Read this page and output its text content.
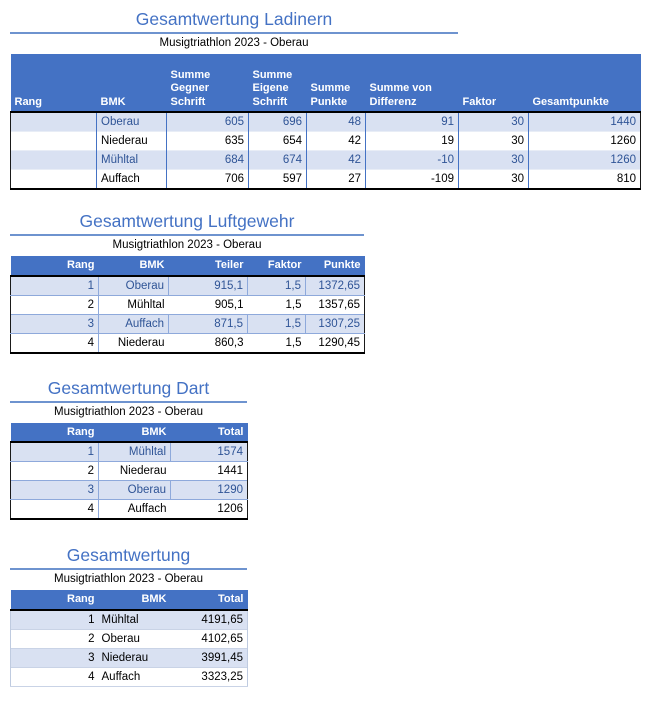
Gesamtwertung Ladinern
Musigtriathlon 2023 - Oberau
Rang	BMK	Summe Gegner Schrift	Summe Eigene Schrift	Summe Punkte	Summe von Differenz	Faktor	Gesamtpunkte
	Oberau	605	696	48	91	30	1440
	Niederau	635	654	42	19	30	1260
	Mühltal	684	674	42	-10	30	1260
	Auffach	706	597	27	-109	30	810
Gesamtwertung Luftgewehr
Musigtriathlon 2023 - Oberau
Rang	BMK	Teiler	Faktor	Punkte
1	Oberau	915,1	1,5	1372,65
2	Mühltal	905,1	1,5	1357,65
3	Auffach	871,5	1,5	1307,25
4	Niederau	860,3	1,5	1290,45
Gesamtwertung Dart
Musigtriathlon 2023 - Oberau
Rang	BMK	Total
1	Mühltal	1574
2	Niederau	1441
3	Oberau	1290
4	Auffach	1206
Gesamtwertung
Musigtriathlon 2023 - Oberau
Rang	BMK	Total
1	Mühltal	4191,65
2	Oberau	4102,65
3	Niederau	3991,45
4	Auffach	3323,25
